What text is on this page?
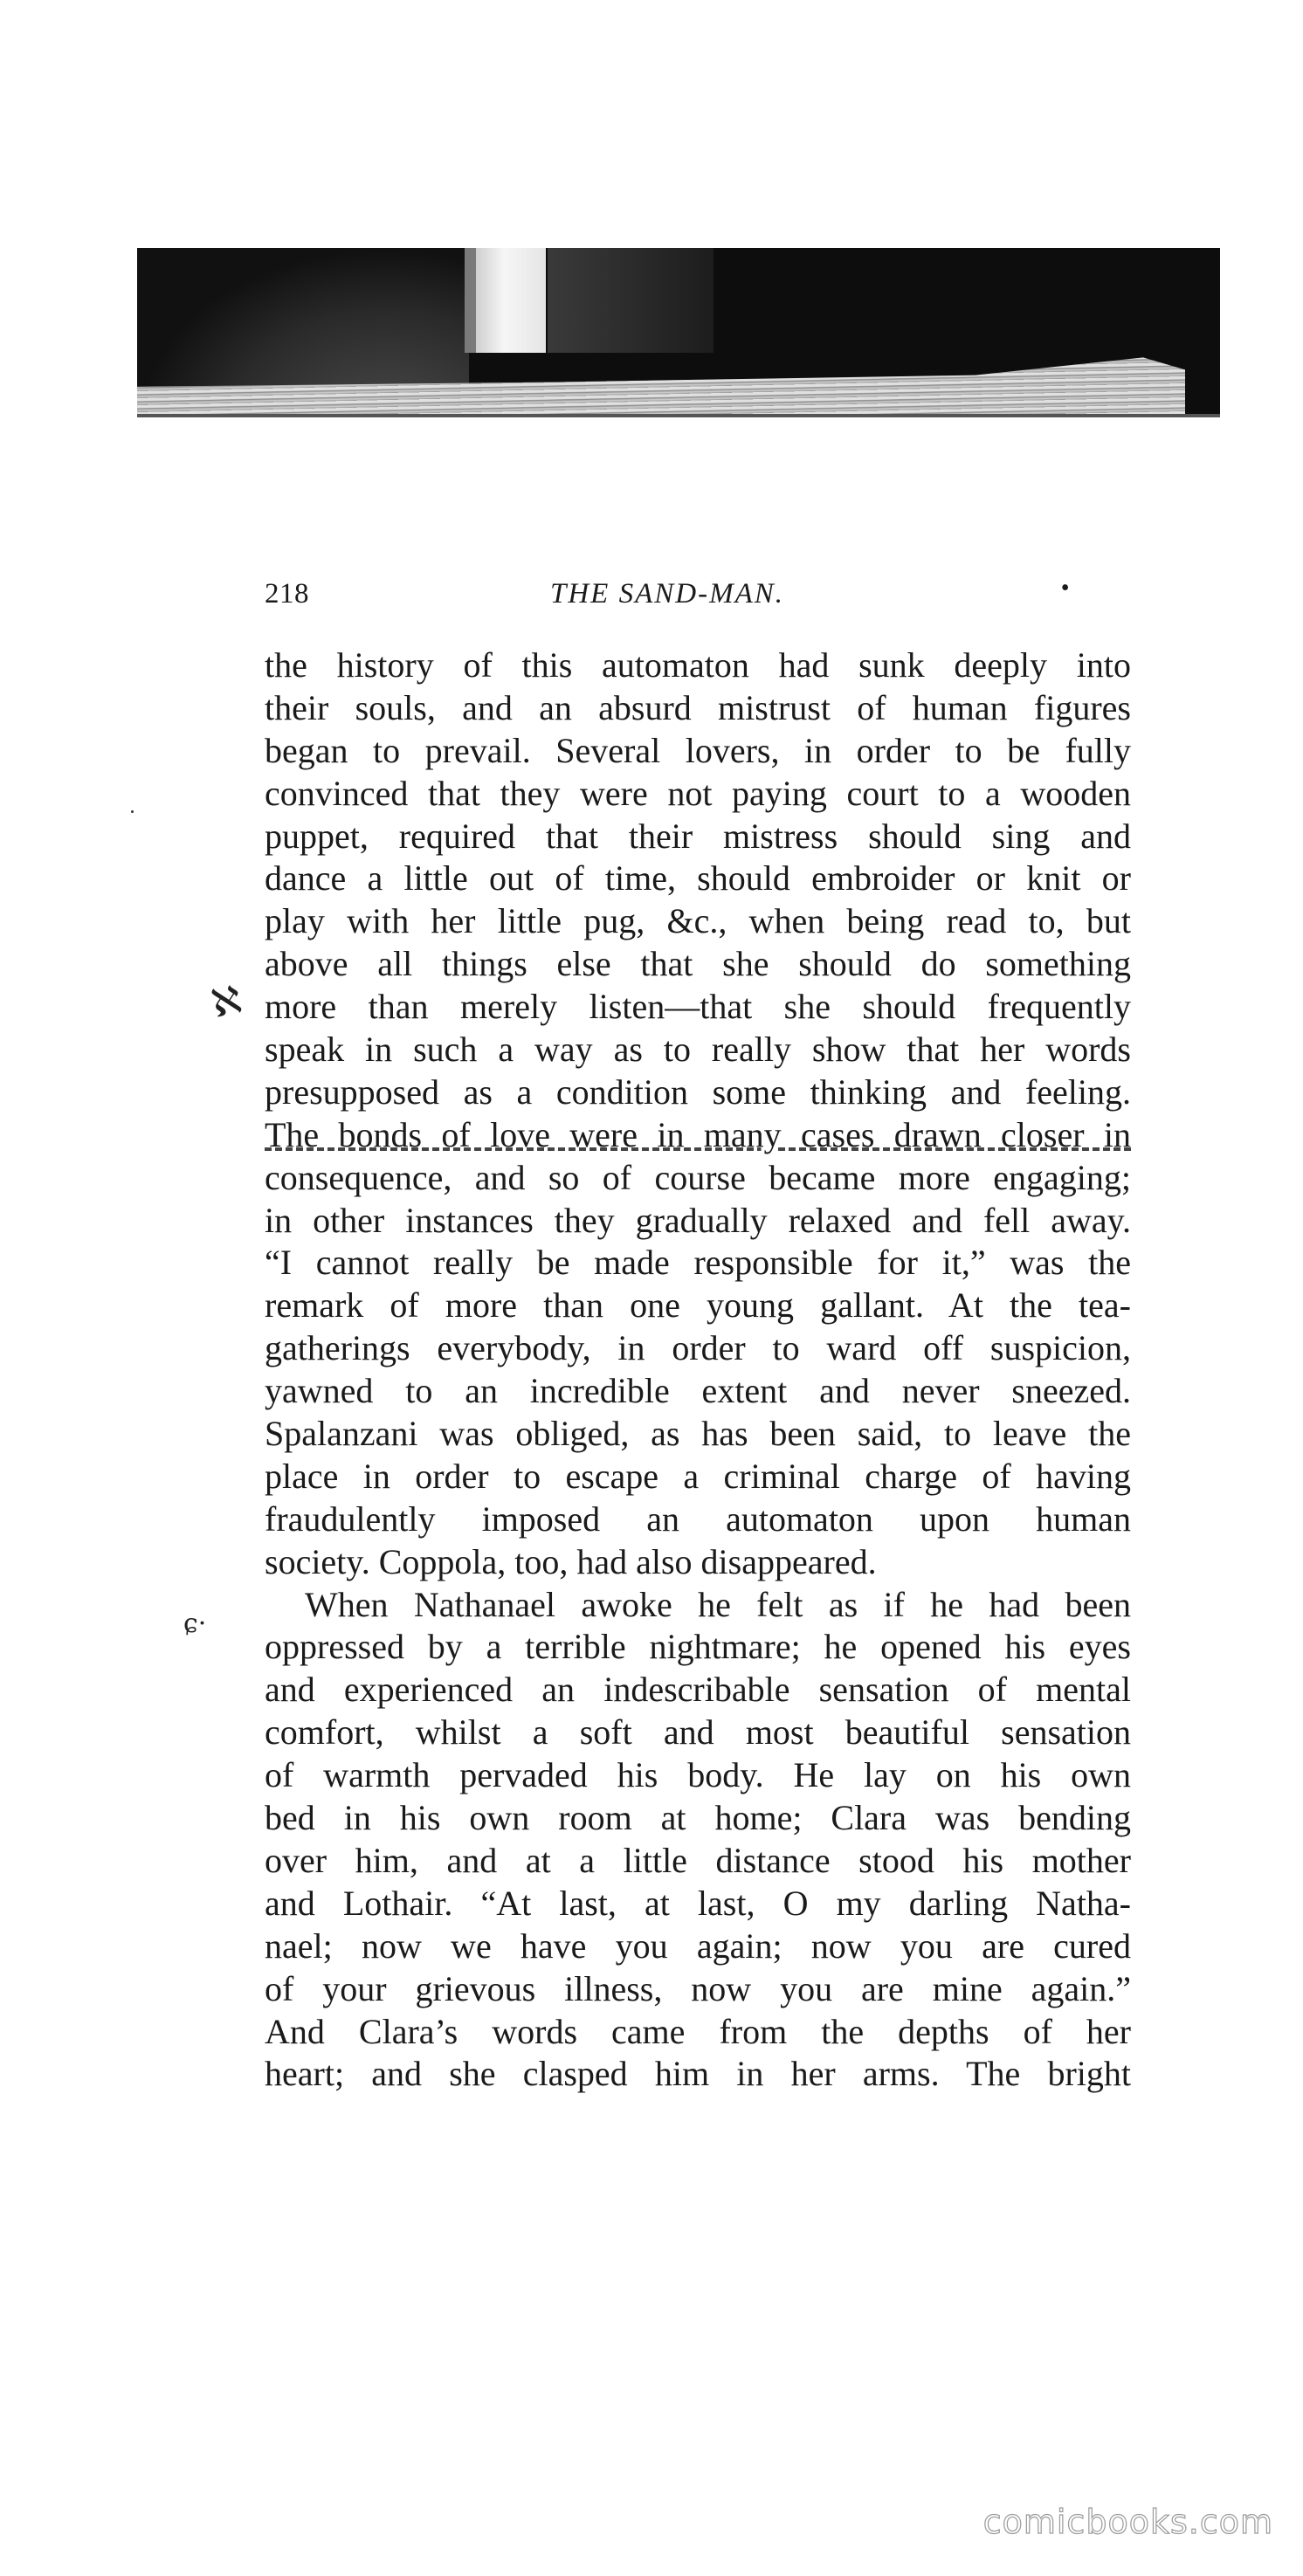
218	THE SAND-MAN.	•
ℵ
ɕ·
the history of this automaton had sunk deeply into
their souls, and an absurd mistrust of human figures
began to prevail. Several lovers, in order to be fully
convinced that they were not paying court to a wooden
puppet, required that their mistress should sing and
dance a little out of time, should embroider or knit or
play with her little pug, &c., when being read to, but
above all things else that she should do something
more than merely listen—that she should frequently
speak in such a way as to really show that her words
presupposed as a condition some thinking and feeling.
The bonds of love were in many cases drawn closer in
consequence, and so of course became more engaging;
in other instances they gradually relaxed and fell away.
“I cannot really be made responsible for it,” was the
remark of more than one young gallant. At the tea-
gatherings everybody, in order to ward off suspicion,
yawned to an incredible extent and never sneezed.
Spalanzani was obliged, as has been said, to leave the
place in order to escape a criminal charge of having
fraudulently imposed an automaton upon human
society. Coppola, too, had also disappeared.
When Nathanael awoke he felt as if he had been
oppressed by a terrible nightmare; he opened his eyes
and experienced an indescribable sensation of mental
comfort, whilst a soft and most beautiful sensation
of warmth pervaded his body. He lay on his own
bed in his own room at home; Clara was bending
over him, and at a little distance stood his mother
and Lothair. “At last, at last, O my darling Natha-
nael; now we have you again; now you are cured
of your grievous illness, now you are mine again.”
And Clara’s words came from the depths of her
heart; and she clasped him in her arms. The bright
comicbooks.com
